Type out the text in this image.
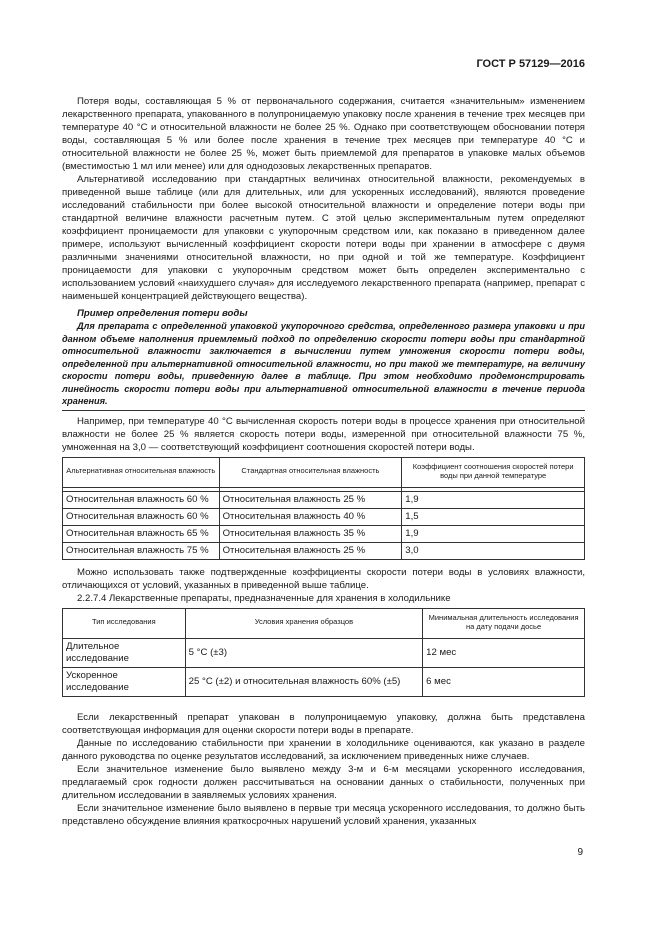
ГОСТ Р 57129—2016

Потеря воды, составляющая 5 % от первоначального содержания, считается «значительным» изменением лекарственного препарата, упакованного в полупроницаемую упаковку после хранения в течение трех месяцев при температуре 40 °С и относительной влажности не более 25 %. Однако при соответствующем обосновании потеря воды, составляющая 5 % или более после хранения в течение трех месяцев при температуре 40 °С и относительной влажности не более 25 %, может быть приемлемой для препаратов в упаковке малых объемов (вместимостью 1 мл или менее) или для однодозовых лекарственных препаратов.

Альтернативой исследованию при стандартных величинах относительной влажности, рекомендуемых в приведенной выше таблице (или для длительных, или для ускоренных исследований), являются проведение исследований стабильности при более высокой относительной влажности и определение потери воды при стандартной величине влажности расчетным путем. С этой целью экспериментальным путем определяют коэффициент проницаемости для упаковки с укупорочным средством или, как показано в приведенном далее примере, используют вычисленный коэффициент скорости потери воды при хранении в атмосфере с двумя различными значениями относительной влажности, но при одной и той же температуре. Коэффициент проницаемости для упаковки с укупорочным средством может быть определен экспериментально с использованием условий «наихудшего случая» для исследуемого лекарственного препарата (например, препарат с наименьшей концентрацией действующего вещества).

Пример определения потери воды

Для препарата с определенной упаковкой укупорочного средства, определенного размера упаковки и при данном объеме наполнения приемлемый подход по определению скорости потери воды при стандартной относительной влажности заключается в вычислении путем умножения скорости потери воды, определенной при альтернативной относительной влажности, но при такой же температуре, на величину скорости потери воды, приведенную далее в таблице. При этом необходимо продемонстрировать линейность скорости потери воды при альтернативной относительной влажности в течение периода хранения.

Например, при температуре 40 °С вычисленная скорость потери воды в процессе хранения при относительной влажности не более 25 % является скорость потери воды, измеренной при относительной влажности 75 %, умноженная на 3,0 — соответствующий коэффициент соотношения скоростей потери воды.

Альтернативная относительная влажность	Стандартная относительная влажность	Коэффициент соотношения скоростей потери воды при данной температуре

Относительная влажность 60 %	Относительная влажность 25 %	1,9
Относительная влажность 60 %	Относительная влажность 40 %	1,5
Относительная влажность 65 %	Относительная влажность 35 %	1,9
Относительная влажность 75 %	Относительная влажность 25 %	3,0

Можно использовать также подтвержденные коэффициенты скорости потери воды в условиях влажности, отличающихся от условий, указанных в приведенной выше таблице.

2.2.7.4 Лекарственные препараты, предназначенные для хранения в холодильнике

Тип исследования	Условия хранения образцов	Минимальная длительность исследования на дату подачи досье
Длительное исследование	5 °С (±3)	12 мес
Ускоренное исследование	25 °С (±2) и относительная влажность 60% (±5)	6 мес

Если лекарственный препарат упакован в полупроницаемую упаковку, должна быть представлена соответствующая информация для оценки скорости потери воды в препарате.

Данные по исследованию стабильности при хранении в холодильнике оцениваются, как указано в разделе данного руководства по оценке результатов исследований, за исключением приведенных ниже случаев.

Если значительное изменение было выявлено между 3-м и 6-м месяцами ускоренного исследования, предлагаемый срок годности должен рассчитываться на основании данных о стабильности, полученных при длительном исследовании в заявляемых условиях хранения.

Если значительное изменение было выявлено в первые три месяца ускоренного исследования, то должно быть представлено обсуждение влияния краткосрочных нарушений условий хранения, указанных

9
